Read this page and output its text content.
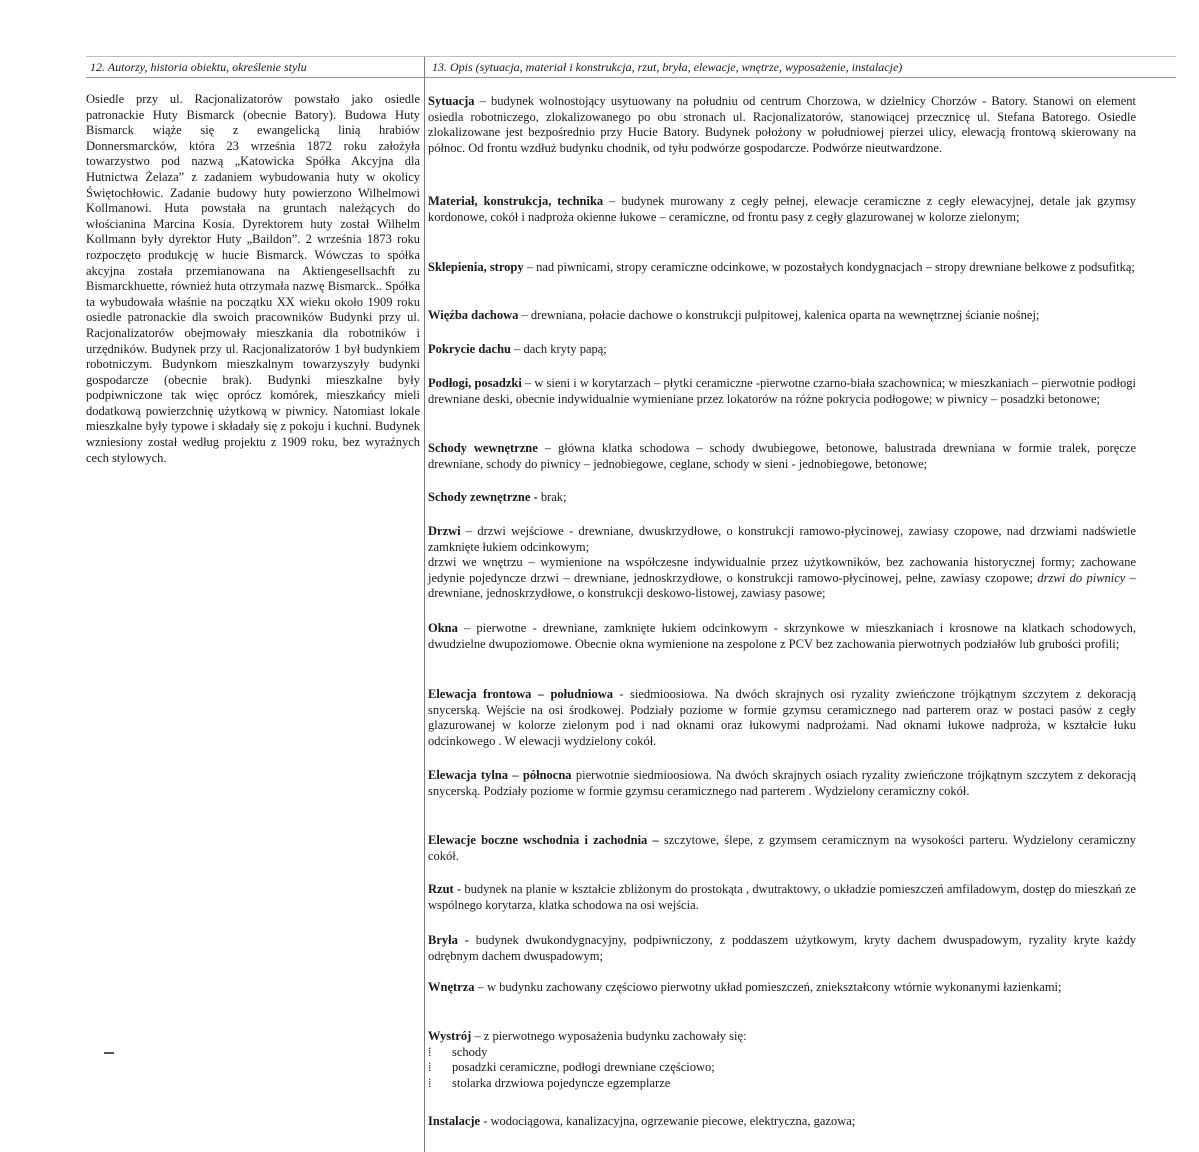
12. Autorzy, historia obiektu, określenie stylu	13. Opis (sytuacja, materiał i konstrukcja, rzut, bryła, elewacje, wnętrze, wyposażenie, instalacje)
Osiedle przy ul. Racjonalizatorów powstało jako osiedle patronackie Huty Bismarck (obecnie Batory). Budowa Huty Bismarck wiąże się z ewangelicką linią hrabiów Donnersmarcków, która 23 września 1872 roku założyła towarzystwo pod nazwą „Katowicka Spółka Akcyjna dla Hutnictwa Żelaza” z zadaniem wybudowania huty w okolicy Świętochłowic. Zadanie budowy huty powierzono Wilhelmowi Kollmanowi. Huta powstała na gruntach należących do włościanina Marcina Kosia. Dyrektorem huty został Wilhelm Kollmann były dyrektor Huty „Baildon”. 2 września 1873 roku rozpoczęto produkcję w hucie Bismarck. Wówczas to spółka akcyjna została przemianowana na Aktiengesellsachft zu Bismarckhuette, również huta otrzymała nazwę Bismarck.. Spółka ta wybudowała właśnie na początku XX wieku około 1909 roku osiedle patronackie dla swoich pracowników Budynki przy ul. Racjonalizatorów obejmowały mieszkania dla robotników i urzędników. Budynek przy ul. Racjonalizatorów 1 był budynkiem robotniczym. Budynkom mieszkalnym towarzyszyły budynki gospodarcze (obecnie brak). Budynki mieszkalne były podpiwniczone tak więc oprócz komórek, mieszkańcy mieli dodatkową powierzchnię użytkową w piwnicy. Natomiast lokale mieszkalne były typowe i składały się z pokoju i kuchni. Budynek wzniesiony został według projektu z 1909 roku, bez wyraźnych cech stylowych.

Sytuacja – budynek wolnostojący usytuowany na południu od centrum Chorzowa, w dzielnicy Chorzów - Batory. Stanowi on element osiedla robotniczego, zlokalizowanego po obu stronach ul. Racjonalizatorów, stanowiącej przecznicę ul. Stefana Batorego. Osiedle zlokalizowane jest bezpośrednio przy Hucie Batory. Budynek położony w południowej pierzei ulicy, elewacją frontową skierowany na północ. Od frontu wzdłuż budynku chodnik, od tyłu podwórze gospodarcze. Podwórze nieutwardzone.

Materiał, konstrukcja, technika – budynek murowany z cegły pełnej, elewacje ceramiczne z cegły elewacyjnej, detale jak gzymsy kordonowe, cokół i nadproża okienne łukowe – ceramiczne, od frontu pasy z cegły glazurowanej w kolorze zielonym;

Sklepienia, stropy – nad piwnicami, stropy ceramiczne odcinkowe, w pozostałych kondygnacjach – stropy drewniane belkowe z podsufitką;

Więźba dachowa – drewniana, połacie dachowe o konstrukcji pulpitowej, kalenica oparta na wewnętrznej ścianie nośnej;

Pokrycie dachu – dach kryty papą;

Podłogi, posadzki – w sieni i w korytarzach – płytki ceramiczne -pierwotne czarno-biała szachownica; w mieszkaniach – pierwotnie podłogi drewniane deski, obecnie indywidualnie wymieniane przez lokatorów na różne pokrycia podłogowe; w piwnicy – posadzki betonowe;

Schody wewnętrzne – główna klatka schodowa – schody dwubiegowe, betonowe, balustrada drewniana w formie tralek, poręcze drewniane, schody do piwnicy – jednobiegowe, ceglane, schody w sieni - jednobiegowe, betonowe;

Schody zewnętrzne - brak;

Drzwi – drzwi wejściowe - drewniane, dwuskrzydłowe, o konstrukcji ramowo-płycinowej, zawiasy czopowe, nad drzwiami nadświetle zamknięte łukiem odcinkowym;

drzwi we wnętrzu – wymienione na współczesne indywidualnie przez użytkowników, bez zachowania historycznej formy; zachowane jedynie pojedyncze drzwi – drewniane, jednoskrzydłowe, o konstrukcji ramowo-płycinowej, pełne, zawiasy czopowe; drzwi do piwnicy – drewniane, jednoskrzydłowe, o konstrukcji deskowo-listowej, zawiasy pasowe;

Okna – pierwotne - drewniane, zamknięte łukiem odcinkowym - skrzynkowe w mieszkaniach i krosnowe na klatkach schodowych, dwudzielne dwupoziomowe. Obecnie okna wymienione na zespolone z PCV bez zachowania pierwotnych podziałów lub grubości profili;

Elewacja frontowa – południowa - siedmioosiowa. Na dwóch skrajnych osi ryzality zwieńczone trójkątnym szczytem z dekoracją snycerską. Wejście na osi środkowej. Podziały poziome w formie gzymsu ceramicznego nad parterem oraz w postaci pasów z cegły glazurowanej w kolorze zielonym pod i nad oknami oraz łukowymi nadprożami. Nad oknami łukowe nadproża, w kształcie łuku odcinkowego . W elewacji wydzielony cokół.

Elewacja tylna – północna pierwotnie siedmioosiowa. Na dwóch skrajnych osiach ryzality zwieńczone trójkątnym szczytem z dekoracją snycerską. Podziały poziome w formie gzymsu ceramicznego nad parterem . Wydzielony ceramiczny cokół.

Elewacje boczne wschodnia i zachodnia – szczytowe, ślepe, z gzymsem ceramicznym na wysokości parteru. Wydzielony ceramiczny cokół.

Rzut - budynek na planie w kształcie zbliżonym do prostokąta , dwutraktowy, o układzie pomieszczeń amfiladowym, dostęp do mieszkań ze wspólnego korytarza, klatka schodowa na osi wejścia.

Bryła - budynek dwukondygnacyjny, podpiwniczony, z poddaszem użytkowym, kryty dachem dwuspadowym, ryzality kryte każdy odrębnym dachem dwuspadowym;

Wnętrza – w budynku zachowany częściowo pierwotny układ pomieszczeń, zniekształcony wtórnie wykonanymi łazienkami;

Wystrój – z pierwotnego wyposażenia budynku zachowały się:

⁞ schody
⁞ posadzki ceramiczne, podłogi drewniane częściowo;
⁞ stolarka drzwiowa pojedyncze egzemplarze

Instalacje - wodociągowa, kanalizacyjna, ogrzewanie piecowe, elektryczna, gazowa;
